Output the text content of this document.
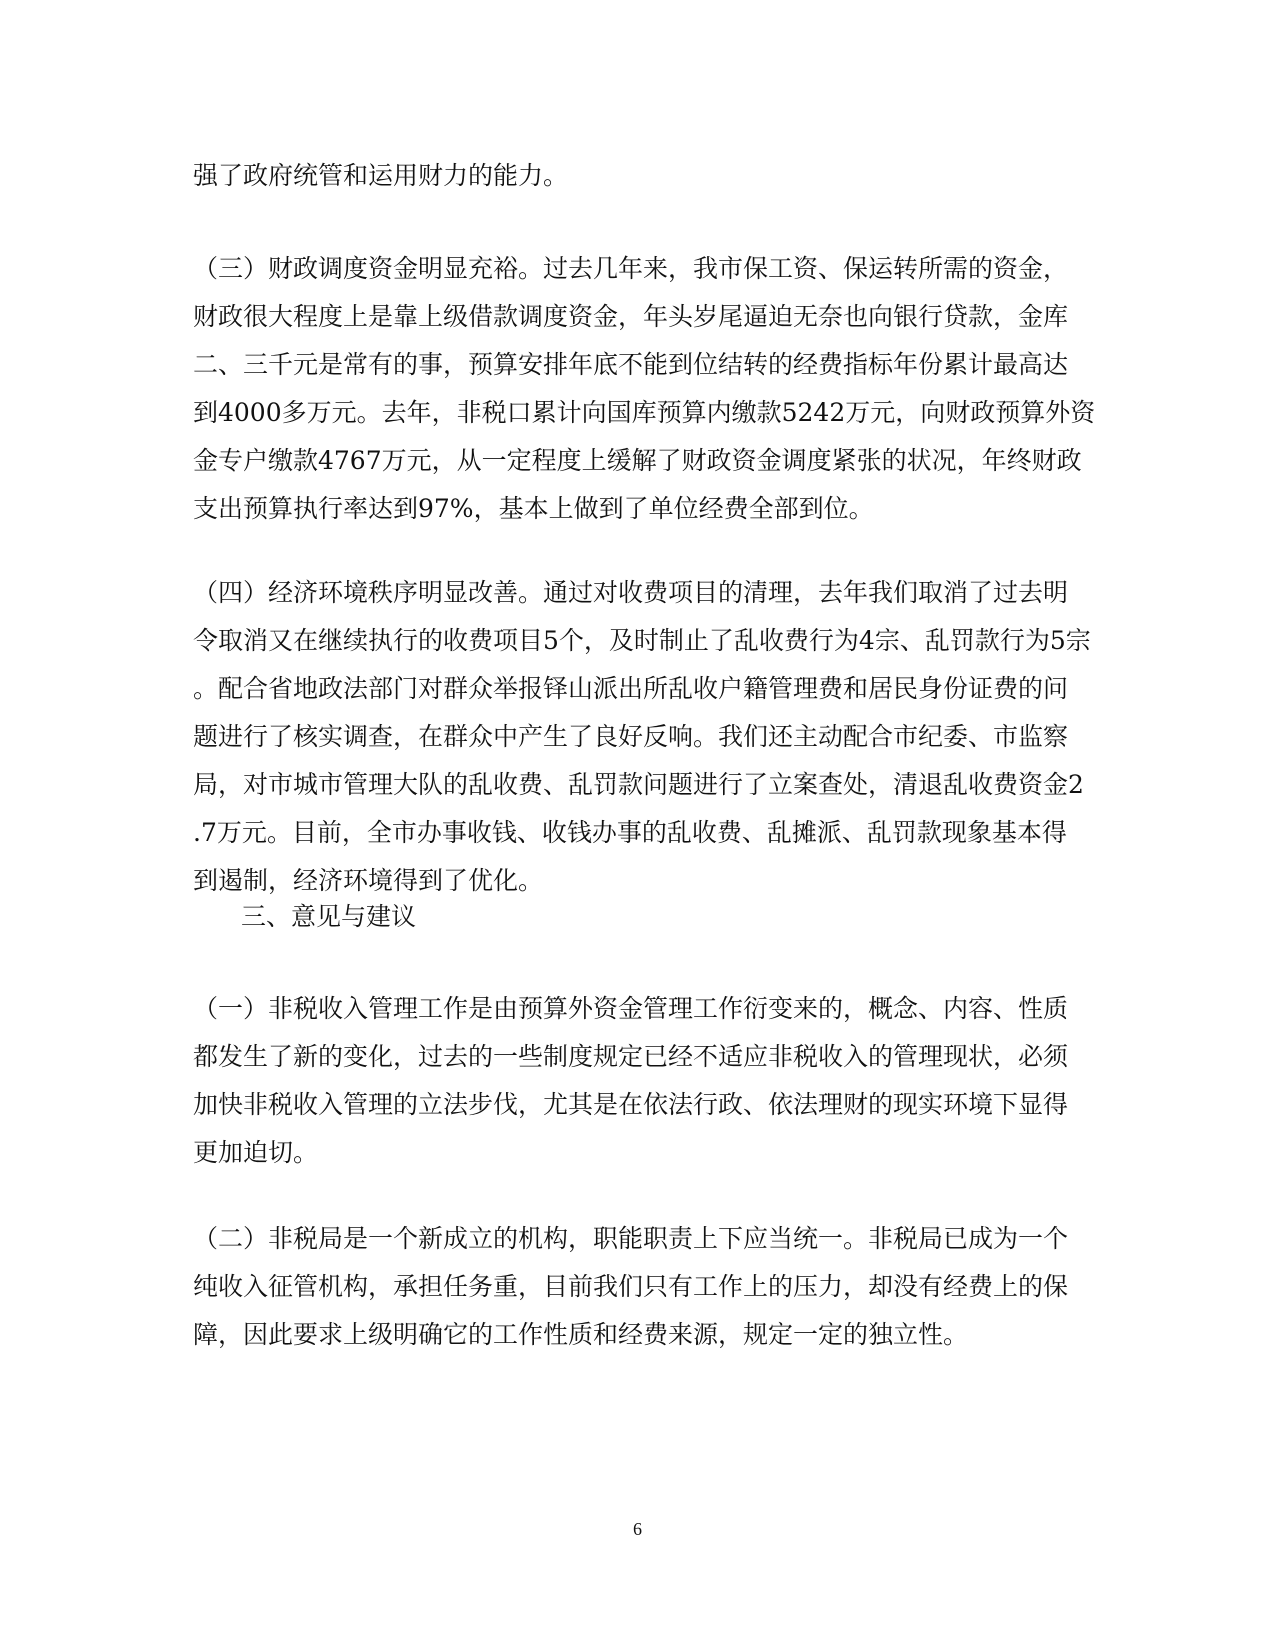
强了政府统管和运用财力的能力。
（三）财政调度资金明显充裕。过去几年来，我市保工资、保运转所需的资金，
财政很大程度上是靠上级借款调度资金，年头岁尾逼迫无奈也向银行贷款，金库
二、三千元是常有的事，预算安排年底不能到位结转的经费指标年份累计最高达
到4000多万元。去年，非税口累计向国库预算内缴款5242万元，向财政预算外资
金专户缴款4767万元，从一定程度上缓解了财政资金调度紧张的状况，年终财政
支出预算执行率达到97%，基本上做到了单位经费全部到位。
（四）经济环境秩序明显改善。通过对收费项目的清理，去年我们取消了过去明
令取消又在继续执行的收费项目5个，及时制止了乱收费行为4宗、乱罚款行为5宗
。配合省地政法部门对群众举报铎山派出所乱收户籍管理费和居民身份证费的问
题进行了核实调查，在群众中产生了良好反响。我们还主动配合市纪委、市监察
局，对市城市管理大队的乱收费、乱罚款问题进行了立案查处，清退乱收费资金2
.7万元。目前，全市办事收钱、收钱办事的乱收费、乱摊派、乱罚款现象基本得
到遏制，经济环境得到了优化。
三、意见与建议
（一）非税收入管理工作是由预算外资金管理工作衍变来的，概念、内容、性质
都发生了新的变化，过去的一些制度规定已经不适应非税收入的管理现状，必须
加快非税收入管理的立法步伐，尤其是在依法行政、依法理财的现实环境下显得
更加迫切。
（二）非税局是一个新成立的机构，职能职责上下应当统一。非税局已成为一个
纯收入征管机构，承担任务重，目前我们只有工作上的压力，却没有经费上的保
障，因此要求上级明确它的工作性质和经费来源，规定一定的独立性。
6
